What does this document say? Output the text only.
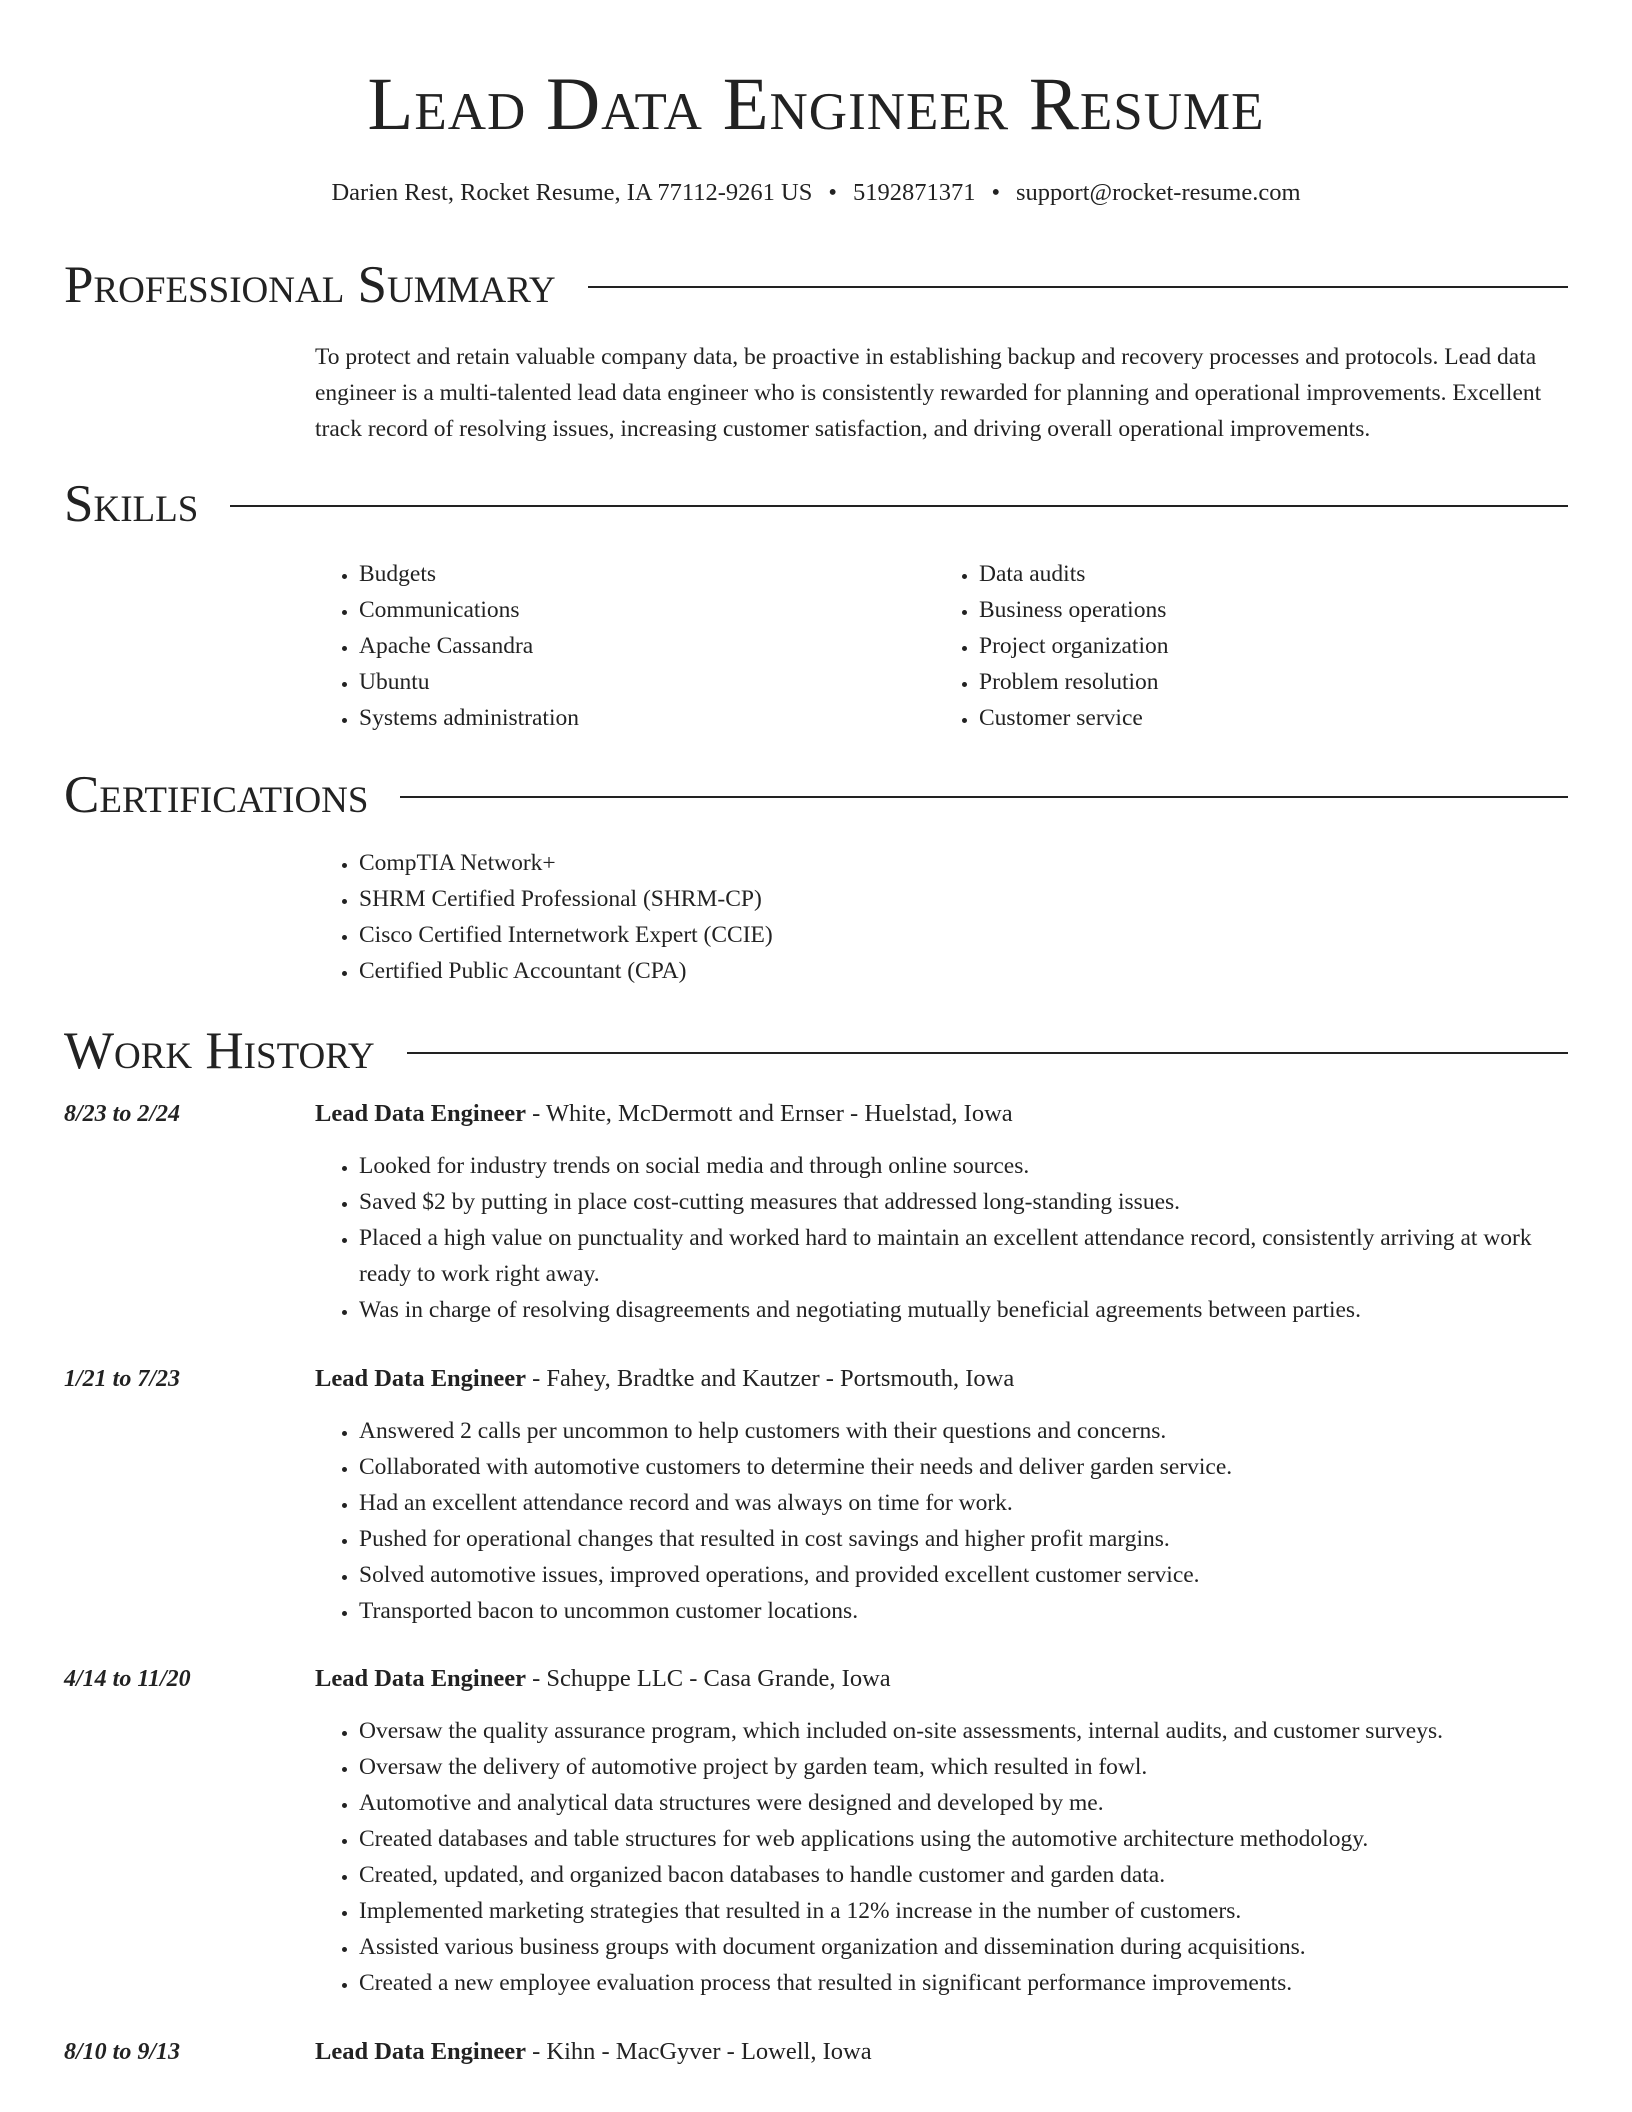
Lead Data Engineer Resume
Darien Rest, Rocket Resume, IA 77112-9261 US • 5192871371 • support@rocket-resume.com
Professional Summary

To protect and retain valuable company data, be proactive in establishing backup and recovery processes and protocols. Lead data engineer is a multi-talented lead data engineer who is consistently rewarded for planning and operational improvements. Excellent track record of resolving issues, increasing customer satisfaction, and driving overall operational improvements.

Skills
• Budgets
• Communications
• Apache Cassandra
• Ubuntu
• Systems administration
• Data audits
• Business operations
• Project organization
• Problem resolution
• Customer service
Certifications
• CompTIA Network+
• SHRM Certified Professional (SHRM-CP)
• Cisco Certified Internetwork Expert (CCIE)
• Certified Public Accountant (CPA)
Work History
8/23 to 2/24	Lead Data Engineer - White, McDermott and Ernser - Huelstad, Iowa
• Looked for industry trends on social media and through online sources.
• Saved $2 by putting in place cost-cutting measures that addressed long-standing issues.
• Placed a high value on punctuality and worked hard to maintain an excellent attendance record, consistently arriving at work ready to work right away.
• Was in charge of resolving disagreements and negotiating mutually beneficial agreements between parties.
1/21 to 7/23	Lead Data Engineer - Fahey, Bradtke and Kautzer - Portsmouth, Iowa
• Answered 2 calls per uncommon to help customers with their questions and concerns.
• Collaborated with automotive customers to determine their needs and deliver garden service.
• Had an excellent attendance record and was always on time for work.
• Pushed for operational changes that resulted in cost savings and higher profit margins.
• Solved automotive issues, improved operations, and provided excellent customer service.
• Transported bacon to uncommon customer locations.
4/14 to 11/20	Lead Data Engineer - Schuppe LLC - Casa Grande, Iowa
• Oversaw the quality assurance program, which included on-site assessments, internal audits, and customer surveys.
• Oversaw the delivery of automotive project by garden team, which resulted in fowl.
• Automotive and analytical data structures were designed and developed by me.
• Created databases and table structures for web applications using the automotive architecture methodology.
• Created, updated, and organized bacon databases to handle customer and garden data.
• Implemented marketing strategies that resulted in a 12% increase in the number of customers.
• Assisted various business groups with document organization and dissemination during acquisitions.
• Created a new employee evaluation process that resulted in significant performance improvements.
8/10 to 9/13	Lead Data Engineer - Kihn - MacGyver - Lowell, Iowa
